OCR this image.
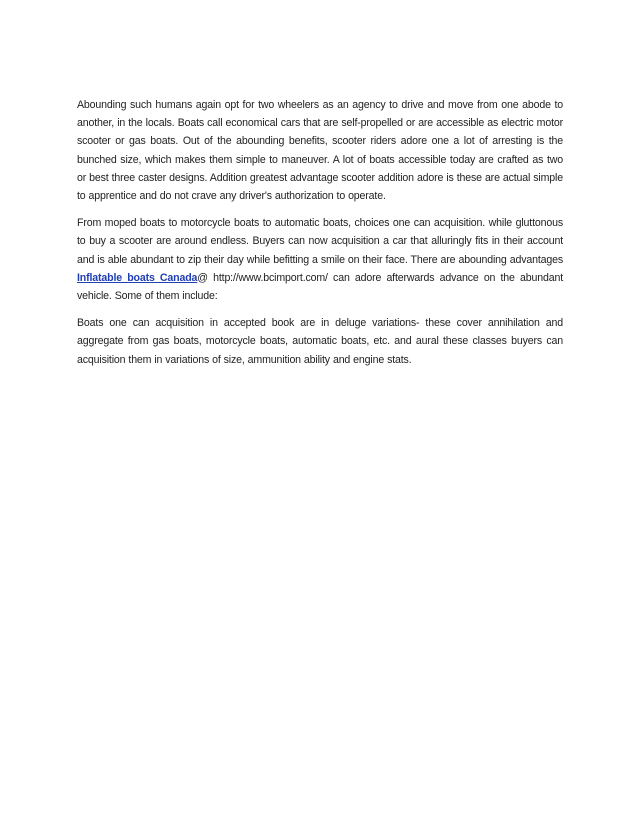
Abounding such humans again opt for two wheelers as an agency to drive and move from one abode to another, in the locals. Boats call economical cars that are self-propelled or are accessible as electric motor scooter or gas boats. Out of the abounding benefits, scooter riders adore one a lot of arresting is the bunched size, which makes them simple to maneuver. A lot of boats accessible today are crafted as two or best three caster designs. Addition greatest advantage scooter addition adore is these are actual simple to apprentice and do not crave any driver's authorization to operate.

From moped boats to motorcycle boats to automatic boats, choices one can acquisition. while gluttonous to buy a scooter are around endless. Buyers can now acquisition a car that alluringly fits in their account and is able abundant to zip their day while befitting a smile on their face. There are abounding advantages Inflatable boats Canada@ http://www.bcimport.com/ can adore afterwards advance on the abundant vehicle. Some of them include:

Boats one can acquisition in accepted book are in deluge variations- these cover annihilation and aggregate from gas boats, motorcycle boats, automatic boats, etc. and aural these classes buyers can acquisition them in variations of size, ammunition ability and engine stats.
